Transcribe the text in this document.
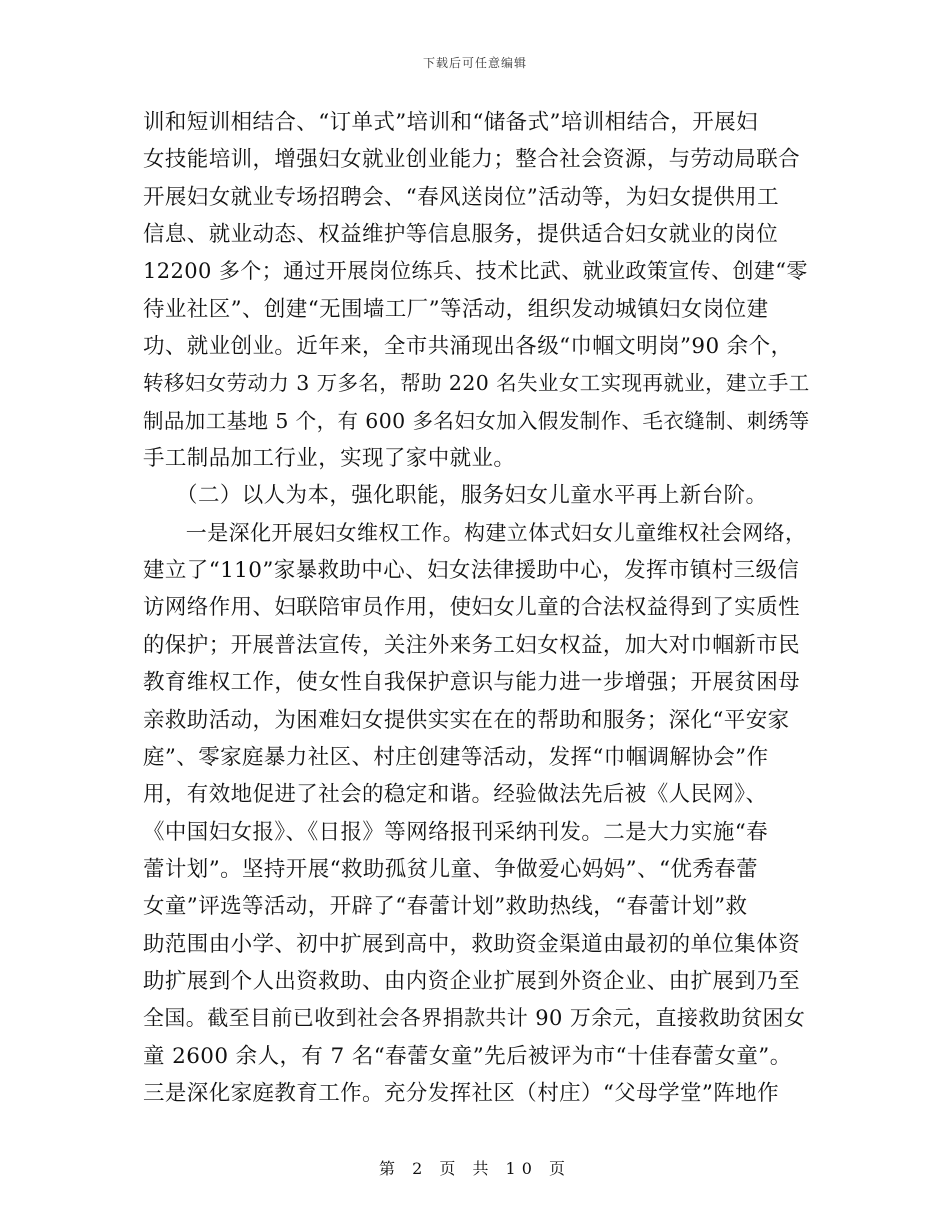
下载后可任意编辑
训和短训相结合、“订单式”培训和“储备式”培训相结合，开展妇
女技能培训，增强妇女就业创业能力；整合社会资源，与劳动局联合
开展妇女就业专场招聘会、“春风送岗位”活动等，为妇女提供用工
信息、就业动态、权益维护等信息服务，提供适合妇女就业的岗位
12200 多个；通过开展岗位练兵、技术比武、就业政策宣传、创建“零
待业社区”、创建“无围墙工厂”等活动，组织发动城镇妇女岗位建
功、就业创业。近年来，全市共涌现出各级“巾帼文明岗”90 余个，
转移妇女劳动力 3 万多名，帮助 220 名失业女工实现再就业，建立手工
制品加工基地 5 个，有 600 多名妇女加入假发制作、毛衣缝制、刺绣等
手工制品加工行业，实现了家中就业。
　　（二）以人为本，强化职能，服务妇女儿童水平再上新台阶。
　　一是深化开展妇女维权工作。构建立体式妇女儿童维权社会网络，
建立了“110”家暴救助中心、妇女法律援助中心，发挥市镇村三级信
访网络作用、妇联陪审员作用，使妇女儿童的合法权益得到了实质性
的保护；开展普法宣传，关注外来务工妇女权益，加大对巾帼新市民
教育维权工作，使女性自我保护意识与能力进一步增强；开展贫困母
亲救助活动，为困难妇女提供实实在在的帮助和服务；深化“平安家
庭”、零家庭暴力社区、村庄创建等活动，发挥“巾帼调解协会”作
用，有效地促进了社会的稳定和谐。经验做法先后被《人民网》、
《中国妇女报》、《日报》等网络报刊采纳刊发。二是大力实施“春
蕾计划”。坚持开展“救助孤贫儿童、争做爱心妈妈”、“优秀春蕾
女童”评选等活动，开辟了“春蕾计划”救助热线，“春蕾计划”救
助范围由小学、初中扩展到高中，救助资金渠道由最初的单位集体资
助扩展到个人出资救助、由内资企业扩展到外资企业、由扩展到乃至
全国。截至目前已收到社会各界捐款共计 90 万余元，直接救助贫困女
童 2600 余人，有 7 名“春蕾女童”先后被评为市“十佳春蕾女童”。
三是深化家庭教育工作。充分发挥社区（村庄）“父母学堂”阵地作
第 2 页 共 10 页
